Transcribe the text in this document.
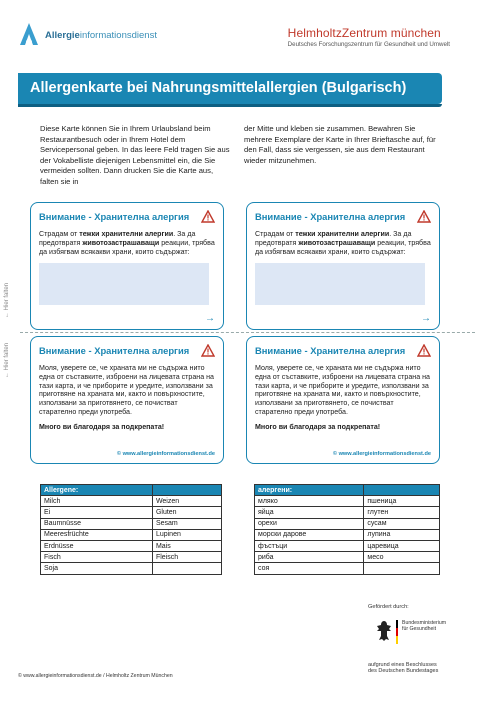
Allergieinformationsdienst	HelmholtzZentrum münchen
Deutsches Forschungszentrum für Gesundheit und Umwelt
Allergenkarte bei Nahrungsmittelallergien (Bulgarisch)

Diese Karte können Sie in Ihrem Urlaubsland beim Restaurantbesuch oder in Ihrem Hotel dem Servicepersonal geben. In das leere Feld tragen Sie aus der Vokabelliste diejenigen Lebensmittel ein, die Sie vermeiden sollten. Dann drucken Sie die Karte aus, falten sie in

der Mitte und kleben sie zusammen. Bewahren Sie mehrere Exemplare der Karte in Ihrer Brieftasche auf, für den Fall, dass sie vergessen, sie aus dem Restaurant wieder mitzunehmen.

Внимание - Хранителна алергия

Страдам от тежки хранителни алергии. За да предотвратя животозастрашаващи реакции, трябва да избягвам всякакви храни, които съдържат:

→
Внимание - Хранителна алергия

Страдам от тежки хранителни алергии. За да предотвратя животозастрашаващи реакции, трябва да избягвам всякакви храни, които съдържат:

→
← Hier falten
← Hier falten	Внимание - Хранителна алергия

Моля, уверете се, че храната ми не съдържа нито една от съставките, изброени на лицевата страна на тази карта, и че приборите и уредите, използвани за приготвяне на храната ми, както и повърхностите, използвани за приготвянето, се почистват старателно преди употреба.

Много ви благодаря за подкрепата!

© www.allergieinformationsdienst.de
Внимание - Хранителна алергия

Моля, уверете се, че храната ми не съдържа нито една от съставките, изброени на лицевата страна на тази карта, и че приборите и уредите, използвани за приготвяне на храната ми, както и повърхностите, използвани за приготвянето, се почистват старателно преди употреба.

Много ви благодаря за подкрепата!

© www.allergieinformationsdienst.de
Allergene:	
Milch	Weizen
Ei	Gluten
Baumnüsse	Sesam
Meeresfrüchte	Lupinen
Erdnüsse	Mais
Fisch	Fleisch
Soja	
алергени:	
мляко	пшеница
яйца	глутен
орехи	сусам
морски дарове	лупина
фъстъци	царевица
риба	месо
соя	
Gefördert durch:
Bundesministerium
für Gesundheit
aufgrund eines Beschlusses
des Deutschen Bundestages
© www.allergieinformationsdienst.de / Helmholtz Zentrum München
